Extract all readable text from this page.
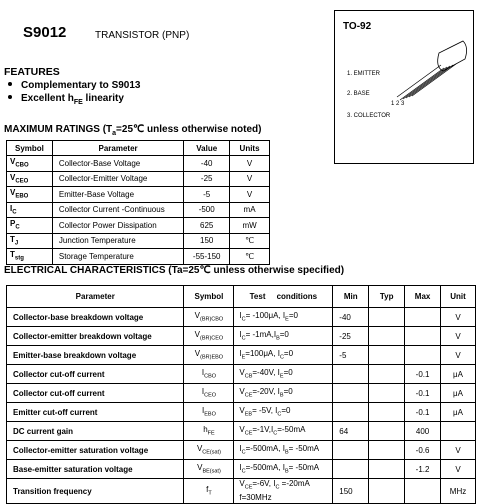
S9012	TRANSISTOR (PNP)
FEATURES
Complementary to S9013
Excellent $h_{FE}$ linearity
TO-92
1. EMITTER
2. BASE
3. COLLECTOR
1 2 3
MAXIMUM RATINGS ($T_a=25℃$ unless otherwise noted)
Symbol	Parameter	Value	Units
$V_{CBO}$	Collector-Base Voltage	-40	V
$V_{CEO}$	Collector-Emitter Voltage	-25	V
$V_{EBO}$	Emitter-Base Voltage	-5	V
$I_C$	Collector Current -Continuous	-500	mA
$P_C$	Collector Power Dissipation	625	mW
$T_J$	Junction Temperature	150	℃
$T_{stg}$	Storage Temperature	-55-150	℃
ELECTRICAL CHARACTERISTICS (Ta=25℃ unless otherwise specified)
Parameter	Symbol	Test     conditions	Min	Typ	Max	Unit
Collector-base breakdown voltage	$V_{(BR)CBO}$	$I_C= -100\mu A$, $I_E=0$	-40			V
Collector-emitter breakdown voltage	$V_{(BR)CEO}$	$I_C= -1mA,I_B=0$	-25			V
Emitter-base breakdown voltage	$V_{(BR)EBO}$	$I_E=100\mu A$, $I_C=0$	-5			V
Collector cut-off current	$I_{CBO}$	$V_{CB}=-40V$, $I_E=0$			-0.1	μA
Collector cut-off current	$I_{CEO}$	$V_{CE}=-20V$, $I_B=0$			-0.1	μA
Emitter cut-off current	$I_{EBO}$	$V_{EB}= -5V$, $I_C=0$			-0.1	μA
DC current gain	$h_{FE}$	$V_{CE}=-1V,I_C=-50mA$	64		400	
Collector-emitter saturation voltage	$V_{CE(sat)}$	$I_C=-500mA$, $I_B= -50mA$			-0.6	V
Base-emitter saturation voltage	$V_{BE(sat)}$	$I_C=-500mA$, $I_B= -50mA$			-1.2	V
Transition frequency	$f_T$	$V_{CE}=-6V$, $I_C =-20mA$
f=30MHz	150			MHz
